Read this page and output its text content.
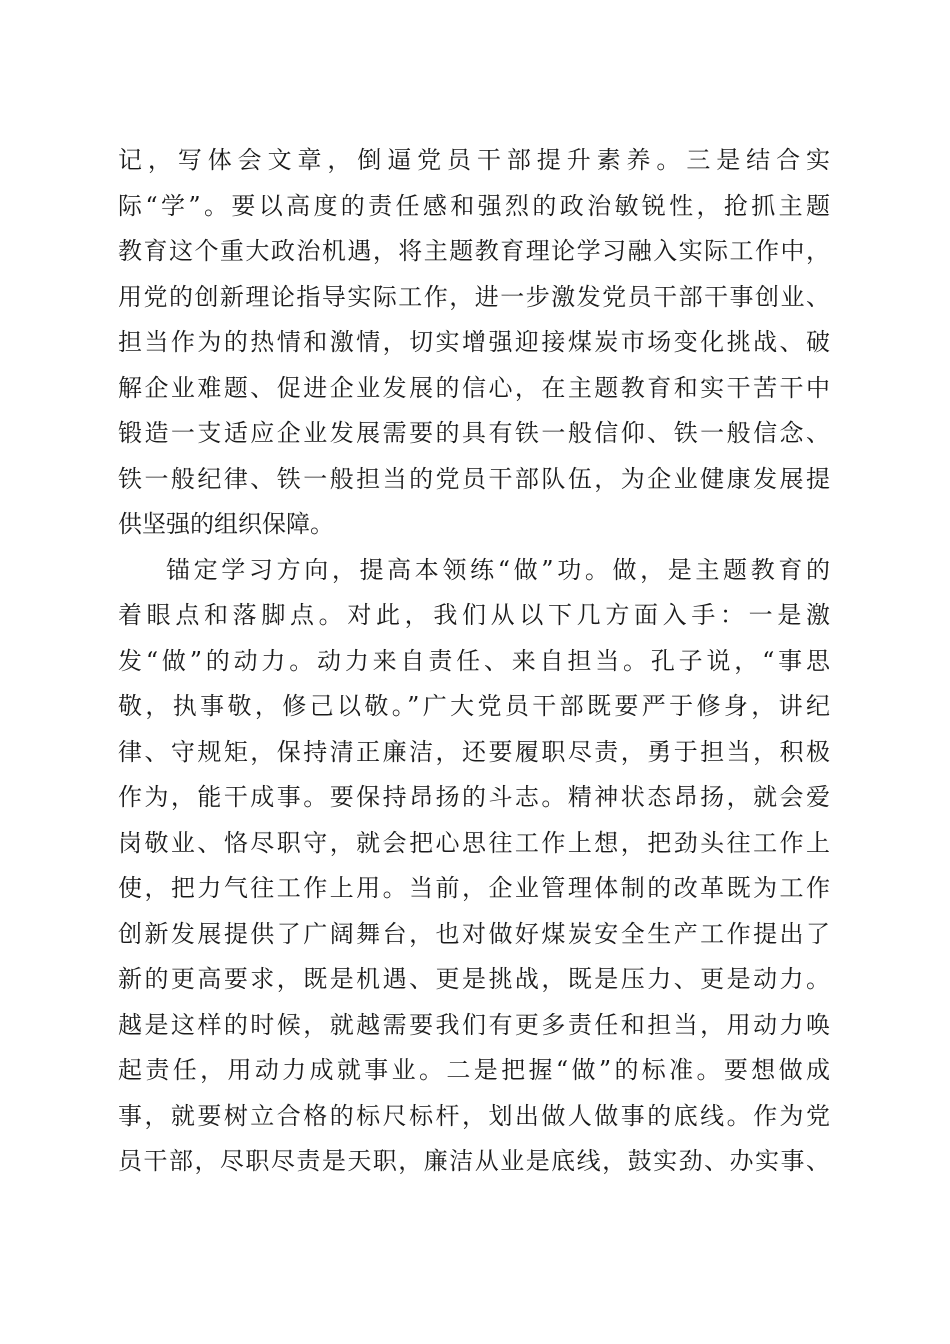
记，写体会文章，倒逼党员干部提升素养。三是结合实
际“学”。要以高度的责任感和强烈的政治敏锐性，抢抓主题
教育这个重大政治机遇，将主题教育理论学习融入实际工作中，
用党的创新理论指导实际工作，进一步激发党员干部干事创业、
担当作为的热情和激情，切实增强迎接煤炭市场变化挑战、破
解企业难题、促进企业发展的信心，在主题教育和实干苦干中
锻造一支适应企业发展需要的具有铁一般信仰、铁一般信念、
铁一般纪律、铁一般担当的党员干部队伍，为企业健康发展提
供坚强的组织保障。
锚定学习方向，提高本领练“做”功。做，是主题教育的
着眼点和落脚点。对此，我们从以下几方面入手：一是激
发“做”的动力。动力来自责任、来自担当。孔子说，“事思
敬，执事敬，修己以敬。”广大党员干部既要严于修身，讲纪
律、守规矩，保持清正廉洁，还要履职尽责，勇于担当，积极
作为，能干成事。要保持昂扬的斗志。精神状态昂扬，就会爱
岗敬业、恪尽职守，就会把心思往工作上想，把劲头往工作上
使，把力气往工作上用。当前，企业管理体制的改革既为工作
创新发展提供了广阔舞台，也对做好煤炭安全生产工作提出了
新的更高要求，既是机遇、更是挑战，既是压力、更是动力。
越是这样的时候，就越需要我们有更多责任和担当，用动力唤
起责任，用动力成就事业。二是把握“做”的标准。要想做成
事，就要树立合格的标尺标杆，划出做人做事的底线。作为党
员干部，尽职尽责是天职，廉洁从业是底线，鼓实劲、办实事、
